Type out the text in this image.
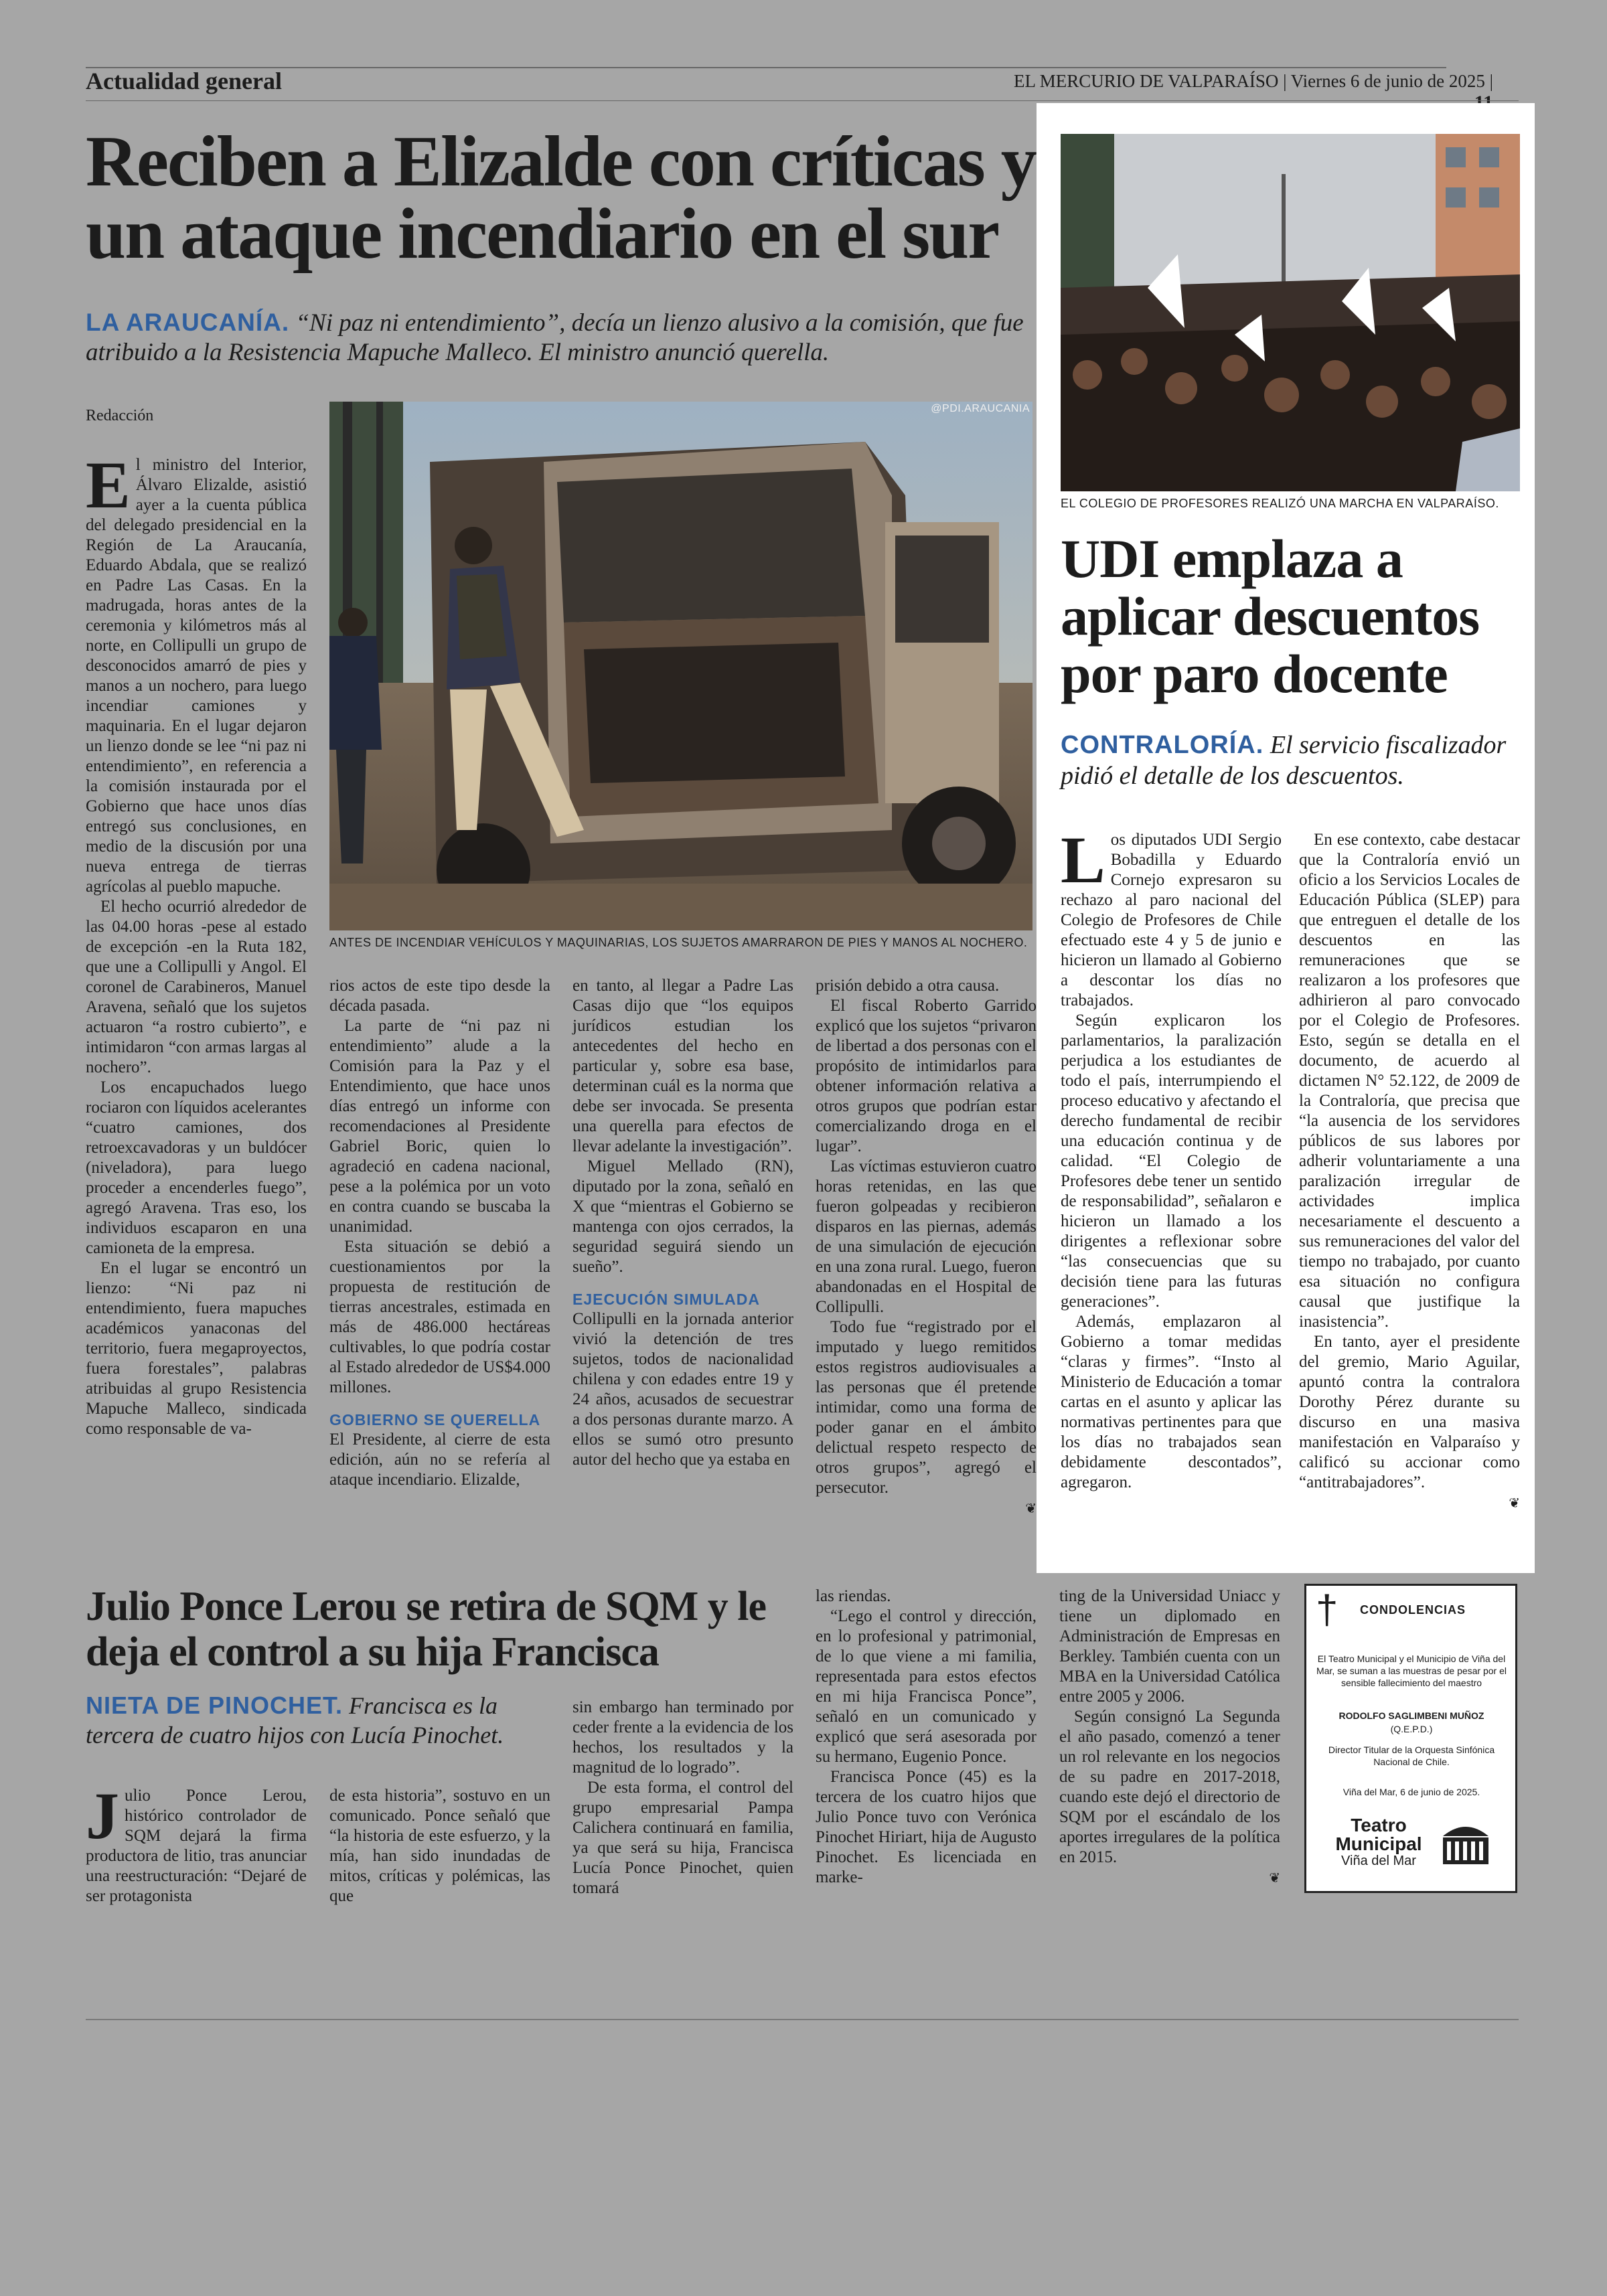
Actualidad general	EL MERCURIO DE VALPARAÍSO | Viernes 6 de junio de 2025 |
Reciben a Elizalde con críticas y un ataque incendiario en el sur
LA ARAUCANÍA. “Ni paz ni entendimiento”, decía un lienzo alusivo a la comisión, que fue atribuido a la Resistencia Mapuche Malleco. El ministro anunció querella.
Redacción	@PDI.ARAUCANIA
ANTES DE INCENDIAR VEHÍCULOS Y MAQUINARIAS, LOS SUJETOS AMARRARON DE PIES Y MANOS AL NOCHERO.
E l ministro del Interior, Álvaro Elizalde, asistió ayer a la cuenta pública del delegado presidencial en la Región de La Araucanía, Eduardo Abdala, que se realizó en Padre Las Casas. En la madrugada, horas antes de la ceremonia y kilómetros más al norte, en Collipulli un grupo de desconocidos amarró de pies y manos a un nochero, para luego incendiar camiones y maquinaria. En el lugar dejaron un lienzo donde se lee “ni paz ni entendimiento”, en referencia a la comisión instaurada por el Gobierno que hace unos días entregó sus conclusiones, en medio de la discusión por una nueva entrega de tierras agrícolas al pueblo mapuche.

El hecho ocurrió alrededor de las 04.00 horas -pese al estado de excepción -en la Ruta 182, que une a Collipulli y Angol. El coronel de Carabineros, Manuel Aravena, señaló que los sujetos actuaron “a rostro cubierto”, e intimidaron “con armas largas al nochero”.

Los encapuchados luego rociaron con líquidos acelerantes “cuatro camiones, dos retroexcavadoras y un buldócer (niveladora), para luego proceder a encenderles fuego”, agregó Aravena. Tras eso, los individuos escaparon en una camioneta de la empresa.

En el lugar se encontró un lienzo: “Ni paz ni entendimiento, fuera mapuches académicos yanaconas del territorio, fuera megaproyectos, fuera forestales”, palabras atribuidas al grupo Resistencia Mapuche Malleco, sindicada como responsable de va-

rios actos de este tipo desde la década pasada.

La parte de “ni paz ni entendimiento” alude a la Comisión para la Paz y el Entendimiento, que hace unos días entregó un informe con recomendaciones al Presidente Gabriel Boric, quien lo agradeció en cadena nacional, pese a la polémica por un voto en contra cuando se buscaba la unanimidad.

Esta situación se debió a cuestionamientos por la propuesta de restitución de tierras ancestrales, estimada en más de 486.000 hectáreas cultivables, lo que podría costar al Estado alrededor de US$4.000 millones.

GOBIERNO SE QUERELLA

El Presidente, al cierre de esta edición, aún no se refería al ataque incendiario. Elizalde,

en tanto, al llegar a Padre Las Casas dijo que “los equipos jurídicos estudian los antecedentes del hecho en particular y, sobre esa base, determinan cuál es la norma que debe ser invocada. Se presenta una querella para efectos de llevar adelante la investigación”.

Miguel Mellado (RN), diputado por la zona, señaló en X que “mientras el Gobierno se mantenga con ojos cerrados, la seguridad seguirá siendo un sueño”.

EJECUCIÓN SIMULADA

Collipulli en la jornada anterior vivió la detención de tres sujetos, todos de nacionalidad chilena y con edades entre 19 y 24 años, acusados de secuestrar a dos personas durante marzo. A ellos se sumó otro presunto autor del hecho que ya estaba en

prisión debido a otra causa.

El fiscal Roberto Garrido explicó que los sujetos “privaron de libertad a dos personas con el propósito de intimidarlos para obtener información relativa a otros grupos que podrían estar comercializando droga en el lugar”.

Las víctimas estuvieron cuatro horas retenidas, en las que fueron golpeadas y recibieron disparos en las piernas, además de una simulación de ejecución en una zona rural. Luego, fueron abandonadas en el Hospital de Collipulli.

Todo fue “registrado por el imputado y luego remitidos estos registros audiovisuales a las personas que él pretende intimidar, como una forma de poder ganar en el ámbito delictual respeto respecto de otros grupos”, agregó el persecutor.

❦
EL COLEGIO DE PROFESORES REALIZÓ UNA MARCHA EN VALPARAÍSO.
UDI emplaza a aplicar descuentos por paro docente
CONTRALORÍA. El servicio fiscalizador pidió el detalle de los descuentos.
L os diputados UDI Sergio Bobadilla y Eduardo Cornejo expresaron su rechazo al paro nacional del Colegio de Profesores de Chile efectuado este 4 y 5 de junio e hicieron un llamado al Gobierno a descontar los días no trabajados.

Según explicaron los parlamentarios, la paralización perjudica a los estudiantes de todo el país, interrumpiendo el proceso educativo y afectando el derecho fundamental de recibir una educación continua y de calidad. “El Colegio de Profesores debe tener un sentido de responsabilidad”, señalaron e hicieron un llamado a los dirigentes a reflexionar sobre “las consecuencias que su decisión tiene para las futuras generaciones”.

Además, emplazaron al Gobierno a tomar medidas “claras y firmes”. “Insto al Ministerio de Educación a tomar cartas en el asunto y aplicar las normativas pertinentes para que los días no trabajados sean debidamente descontados”, agregaron.

En ese contexto, cabe destacar que la Contraloría envió un oficio a los Servicios Locales de Educación Pública (SLEP) para que entreguen el detalle de los descuentos en las remuneraciones que se realizaron a los profesores que adhirieron al paro convocado por el Colegio de Profesores. Esto, según se detalla en el documento, de acuerdo al dictamen N° 52.122, de 2009 de la Contraloría, que precisa que “la ausencia de los servidores públicos de sus labores por adherir voluntariamente a una paralización irregular de actividades implica necesariamente el descuento a sus remuneraciones del valor del tiempo no trabajado, por cuanto esa situación no configura causal que justifique la inasistencia”.

En tanto, ayer el presidente del gremio, Mario Aguilar, apuntó contra la contralora Dorothy Pérez durante su discurso en una masiva manifestación en Valparaíso y calificó su accionar como “antitrabajadores”.

❦
Julio Ponce Lerou se retira de SQM y le deja el control a su hija Francisca
NIETA DE PINOCHET. Francisca es la tercera de cuatro hijos con Lucía Pinochet.
J ulio Ponce Lerou, histórico controlador de SQM dejará la firma productora de litio, tras anunciar una reestructuración: “Dejaré de ser protagonista

de esta historia”, sostuvo en un comunicado. Ponce señaló que “la historia de este esfuerzo, y la mía, han sido inundadas de mitos, críticas y polémicas, las que

sin embargo han terminado por ceder frente a la evidencia de los hechos, los resultados y la magnitud de lo logrado”.

De esta forma, el control del grupo empresarial Pampa Calichera continuará en familia, ya que será su hija, Francisca Lucía Ponce Pinochet, quien tomará

las riendas.

“Lego el control y dirección, en lo profesional y patrimonial, de lo que viene a mi familia, representada para estos efectos en mi hija Francisca Ponce”, señaló en un comunicado y explicó que será asesorada por su hermano, Eugenio Ponce.

Francisca Ponce (45) es la tercera de los cuatro hijos que Julio Ponce tuvo con Verónica Pinochet Hiriart, hija de Augusto Pinochet. Es licenciada en marke-

ting de la Universidad Uniacc y tiene un diplomado en Administración de Empresas en Berkley. También cuenta con un MBA en la Universidad Católica entre 2005 y 2006.

Según consignó La Segunda el año pasado, comenzó a tener un rol relevante en los negocios de su padre en 2017-2018, cuando este dejó el directorio de SQM por el escándalo de los aportes irregulares de la política en 2015.

❦
† CONDOLENCIAS
El Teatro Municipal y el Municipio de Viña del Mar, se suman a las muestras de pesar por el sensible fallecimiento del maestro
RODOLFO SAGLIMBENI MUÑOZ
(Q.E.P.D.)
Director Titular de la Orquesta Sinfónica Nacional de Chile.
Viña del Mar, 6 de junio de 2025.
Teatro
Municipal
Viña del Mar
